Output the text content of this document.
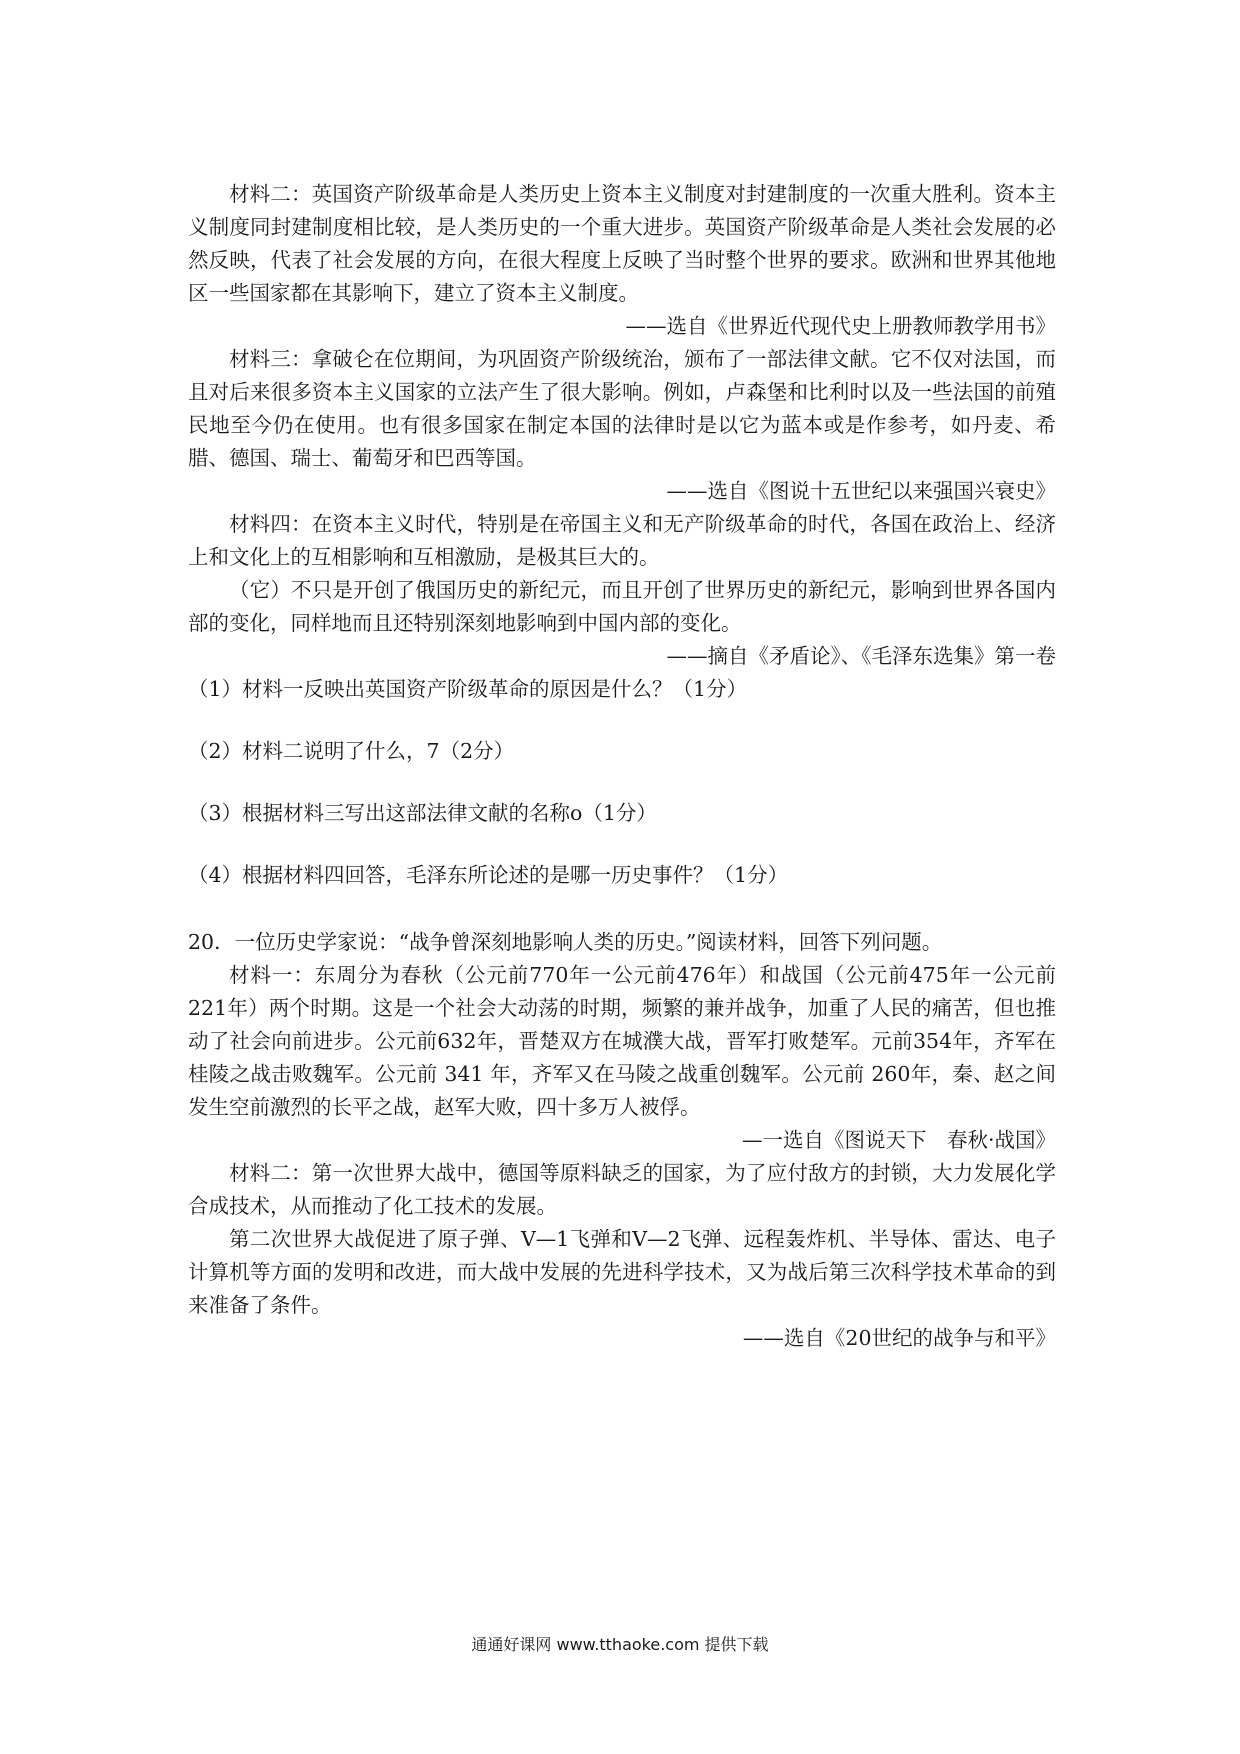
材料二：英国资产阶级革命是人类历史上资本主义制度对封建制度的一次重大胜利。资本主义制度同封建制度相比较，是人类历史的一个重大进步。英国资产阶级革命是人类社会发展的必然反映，代表了社会发展的方向，在很大程度上反映了当时整个世界的要求。欧洲和世界其他地区一些国家都在其影响下，建立了资本主义制度。

——选自《世界近代现代史上册教师教学用书》

材料三：拿破仑在位期间，为巩固资产阶级统治，颁布了一部法律文献。它不仅对法国，而且对后来很多资本主义国家的立法产生了很大影响。例如，卢森堡和比利时以及一些法国的前殖民地至今仍在使用。也有很多国家在制定本国的法律时是以它为蓝本或是作参考，如丹麦、希腊、德国、瑞士、葡萄牙和巴西等国。

——选自《图说十五世纪以来强国兴衰史》

材料四：在资本主义时代，特别是在帝国主义和无产阶级革命的时代，各国在政治上、经济上和文化上的互相影响和互相激励，是极其巨大的。

（它）不只是开创了俄国历史的新纪元，而且开创了世界历史的新纪元，影响到世界各国内部的变化，同样地而且还特别深刻地影响到中国内部的变化。

——摘自《矛盾论》、《毛泽东选集》第一卷

（1）材料一反映出英国资产阶级革命的原因是什么？（1分）

（2）材料二说明了什么，7（2分）

（3）根据材料三写出这部法律文献的名称o（1分）

（4）根据材料四回答，毛泽东所论述的是哪一历史事件？（1分）

20．一位历史学家说：“战争曾深刻地影响人类的历史。”阅读材料，回答下列问题。

材料一：东周分为春秋（公元前770年一公元前476年）和战国（公元前475年一公元前221年）两个时期。这是一个社会大动荡的时期，频繁的兼并战争，加重了人民的痛苦，但也推动了社会向前进步。公元前632年，晋楚双方在城濮大战，晋军打败楚军。元前354年，齐军在桂陵之战击败魏军。公元前 341 年，齐军又在马陵之战重创魏军。公元前 260年，秦、赵之间发生空前激烈的长平之战，赵军大败，四十多万人被俘。

—一选自《图说天下　春秋·战国》

材料二：第一次世界大战中，德国等原料缺乏的国家，为了应付敌方的封锁，大力发展化学合成技术，从而推动了化工技术的发展。

第二次世界大战促进了原子弹、V—1飞弹和V—2飞弹、远程轰炸机、半导体、雷达、电子计算机等方面的发明和改进，而大战中发展的先进科学技术，又为战后第三次科学技术革命的到来准备了条件。

——选自《20世纪的战争与和平》

通通好课网 www.tthaoke.com 提供下载
